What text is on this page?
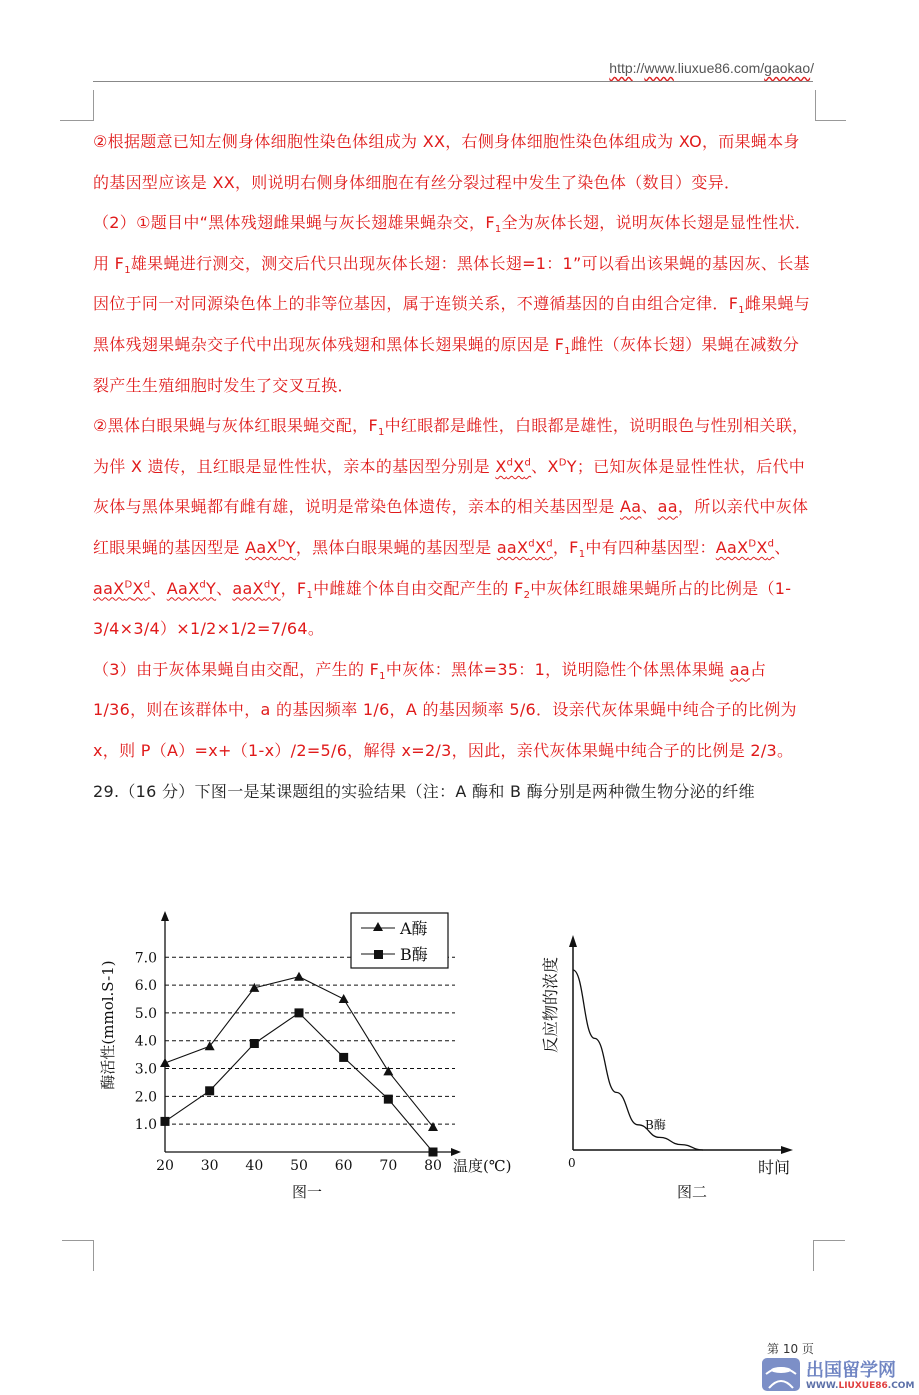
http://www.liuxue86.com/gaokao/

②根据题意已知左侧身体细胞性染色体组成为 XX，右侧身体细胞性染色体组成为 XO，而果蝇本身的基因型应该是 XX，则说明右侧身体细胞在有丝分裂过程中发生了染色体（数目）变异．

（2）①题目中“黑体残翅雌果蝇与灰长翅雄果蝇杂交，$F_1$全为灰体长翅，说明灰体长翅是显性性状．用 $F_1$雄果蝇进行测交，测交后代只出现灰体长翅：黑体长翅=1：1”可以看出该果蝇的基因灰、长基因位于同一对同源染色体上的非等位基因，属于连锁关系，不遵循基因的自由组合定律．$F_1$雌果蝇与黑体残翅果蝇杂交子代中出现灰体残翅和黑体长翅果蝇的原因是 $F_1$雌性（灰体长翅）果蝇在减数分裂产生生殖细胞时发生了交叉互换．

②黑体白眼果蝇与灰体红眼果蝇交配，$F_1$中红眼都是雌性，白眼都是雄性，说明眼色与性别相关联，为伴 X 遗传，且红眼是显性性状，亲本的基因型分别是 $X^dX^d$、$X^DY$；已知灰体是显性性状，后代中灰体与黑体果蝇都有雌有雄，说明是常染色体遗传，亲本的相关基因型是 Aa、aa，所以亲代中灰体红眼果蝇的基因型是 AaX$^D$Y，黑体白眼果蝇的基因型是 $aaX^dX^d$，$F_1$中有四种基因型：$AaX^DX^d$、$aaX^DX^d$、AaX$^d$Y、aaX$^d$Y，$F_1$中雌雄个体自由交配产生的 $F_2$中灰体红眼雄果蝇所占的比例是（1-3/4×3/4）×1/2×1/2=7/64。

（3）由于灰体果蝇自由交配，产生的 $F_1$中灰体：黑体=35：1，说明隐性个体黑体果蝇 aa占 1/36，则在该群体中，a 的基因频率 1/6，A 的基因频率 5/6．设亲代灰体果蝇中纯合子的比例为 x，则 P（A）=x+（1-x）/2=5/6，解得 x=2/3，因此，亲代灰体果蝇中纯合子的比例是 2/3。

29.（16 分）下图一是某课题组的实验结果（注：A 酶和 B 酶分别是两种微生物分泌的纤维

1.0
2.0
3.0
4.0
5.0
6.0
7.0
20 30 40 50 60 70 80
酶活性(mmol.S-1)
温度(℃)
图一
A酶
B酶
B酶
0
反应物的浓度
时间
图二
第 10 页
出国留学网
WWW.LIUXUE86.COM
